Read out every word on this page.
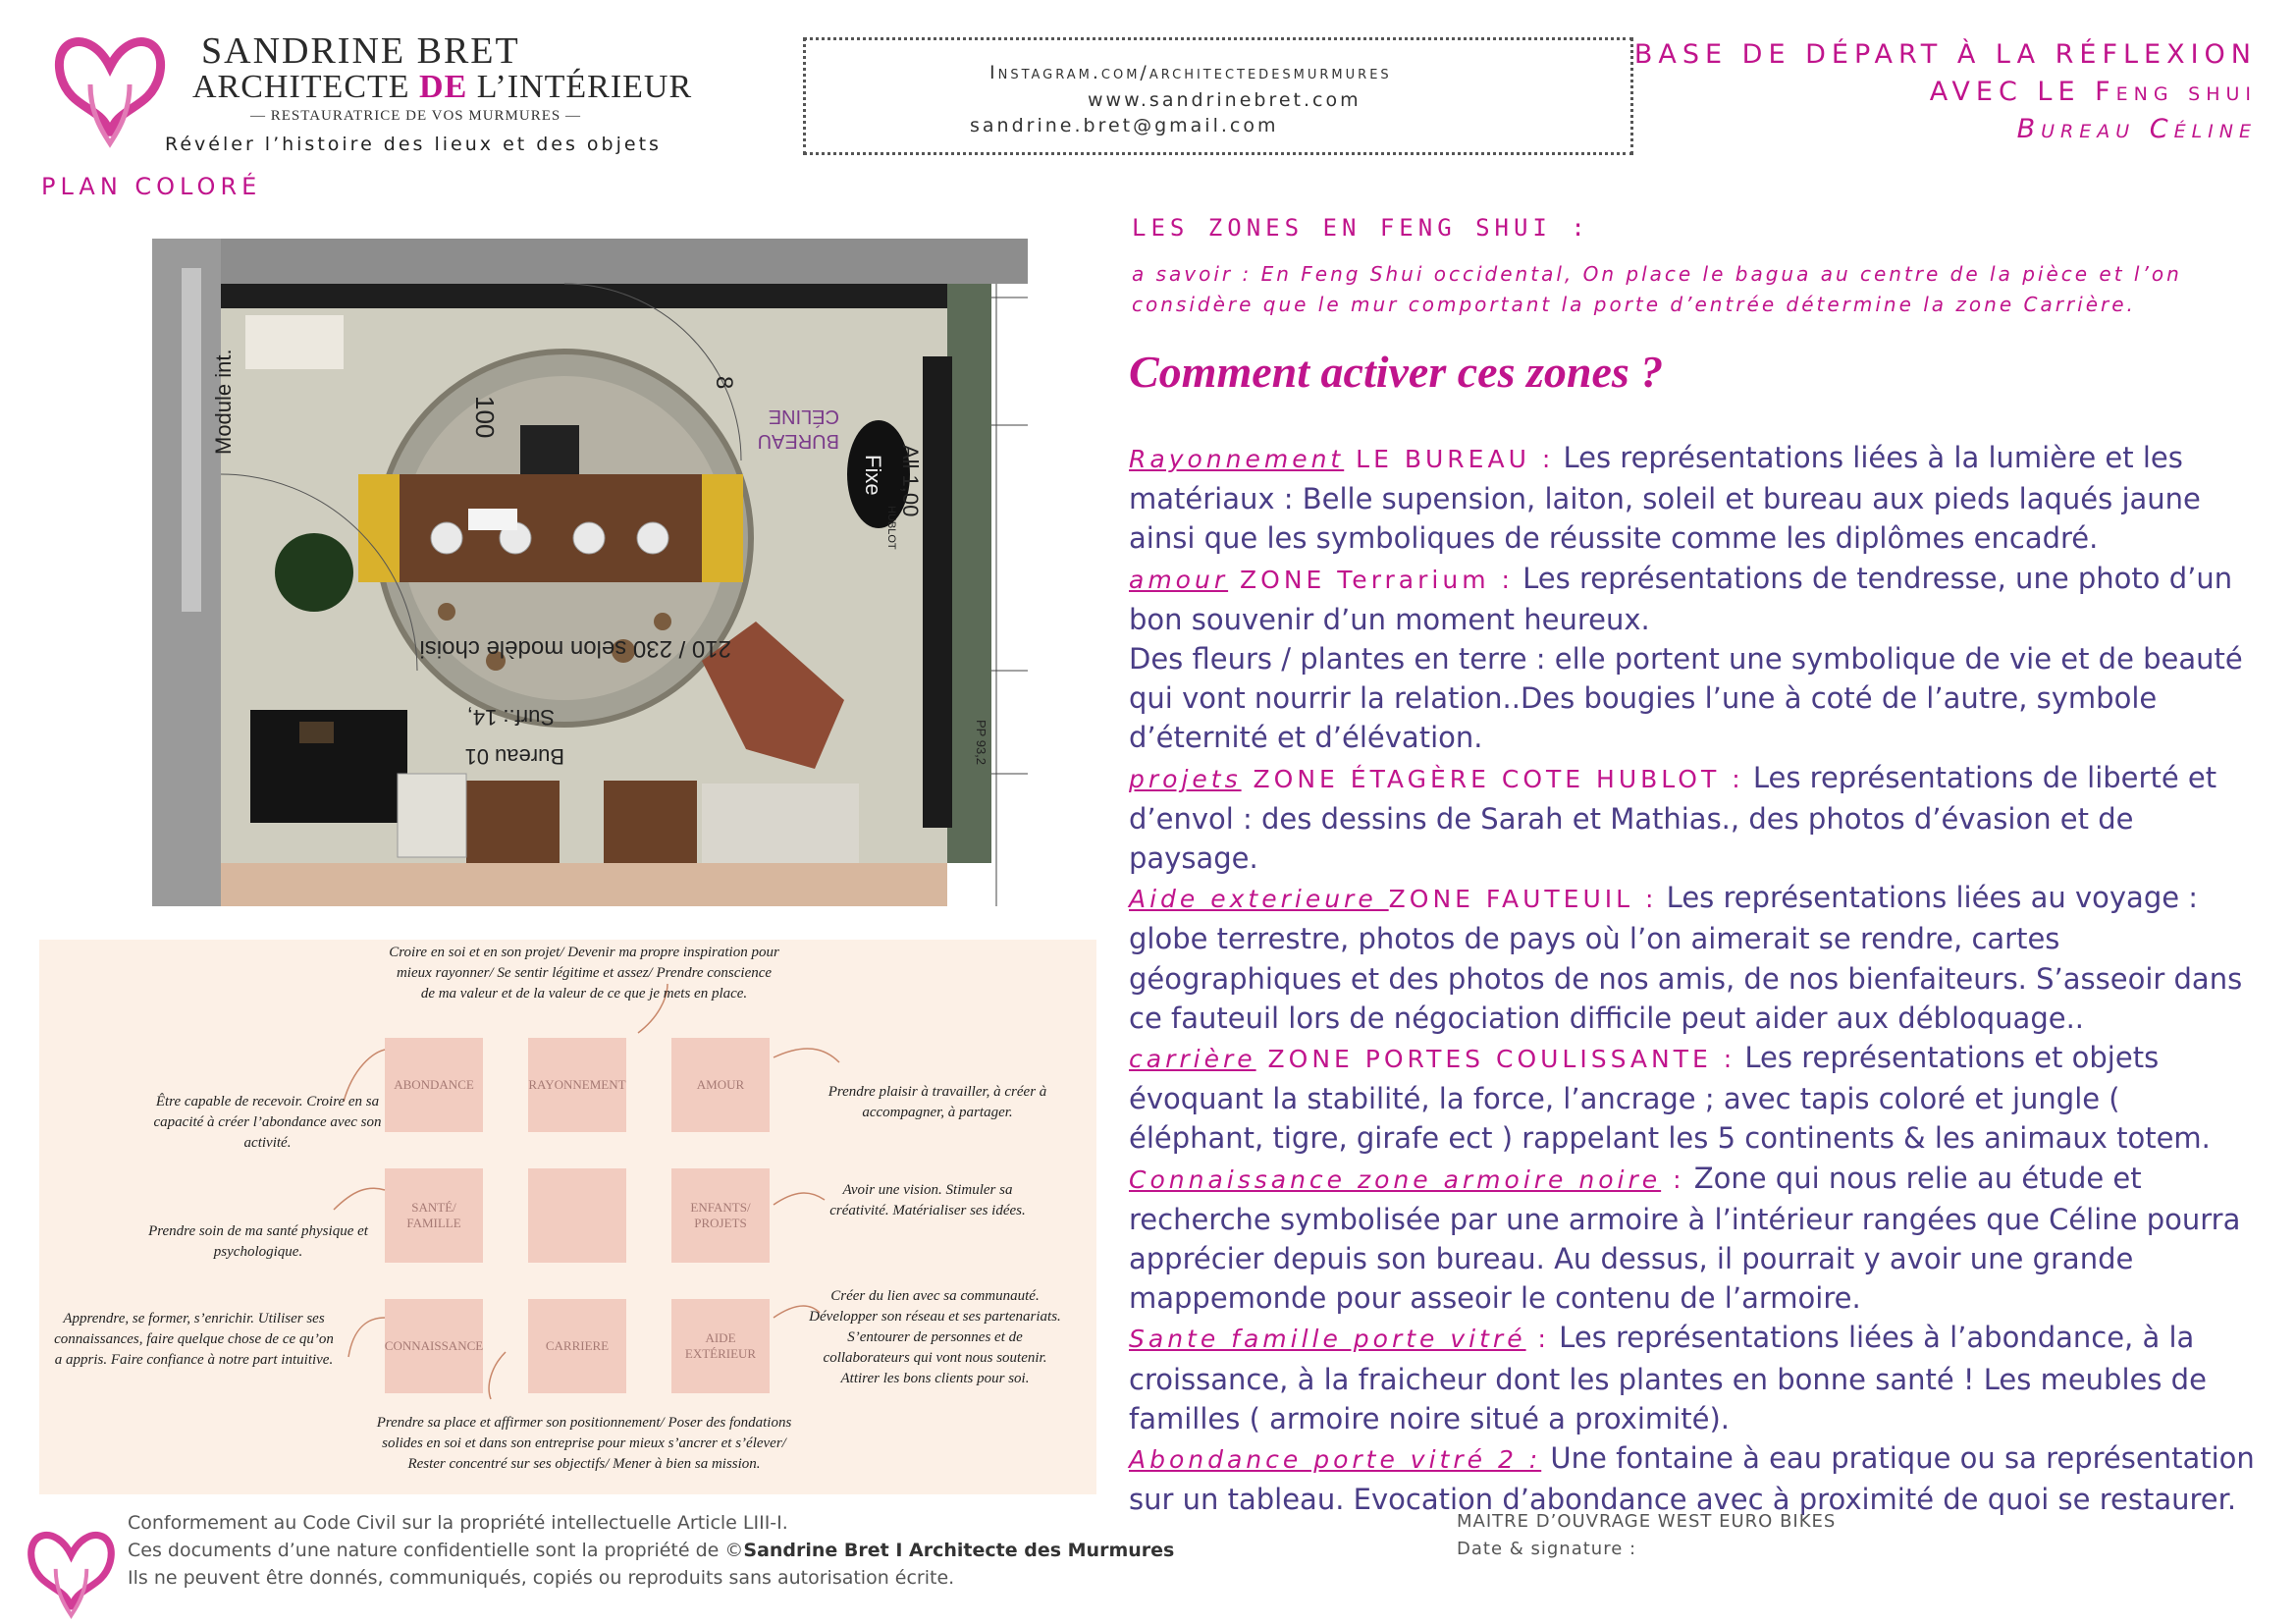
SANDRINE BRET
ARCHITECTE DE L’INTÉRIEUR
— RESTAURATRICE DE VOS MURMURES —
Révéler l’histoire des lieux et des objets
PLAN COLORÉ
Instagram.com/architectedesmurmures
www.sandrinebret.com
sandrine.bret@gmail.com
BASE DE DÉPART À LA RÉFLEXION
AVEC LE Feng shui
Bureau Céline
100
8
BUREAU
CÉLINE
Fixe All 1,00
HUBLOT
210 / 230 selon modèle choisi
Bureau 01
Surf.: 14,
Module int.
PP 93,2
ABONDANCE	RAYONNEMENT	AMOUR
SANTÉ/ FAMILLE
ENFANTS/ PROJETS
CONNAISSANCE	CARRIERE
AIDE EXTÉRIEUR
Croire en soi et en son projet/ Devenir ma propre inspiration pour mieux rayonner/ Se sentir légitime et assez/ Prendre conscience de ma valeur et de la valeur de ce que je mets en place.
Être capable de recevoir. Croire en sa capacité à créer l’abondance avec son activité.
Prendre plaisir à travailler, à créer à accompagner, à partager.
Prendre soin de ma santé physique et psychologique.
Avoir une vision. Stimuler sa créativité. Matérialiser ses idées.
Apprendre, se former, s’enrichir. Utiliser ses connaissances, faire quelque chose de ce qu’on a appris. Faire confiance à notre part intuitive.
Créer du lien avec sa communauté. Développer son réseau et ses partenariats. S’entourer de personnes et de collaborateurs qui vont nous soutenir. Attirer les bons clients pour soi.
Prendre sa place et affirmer son positionnement/ Poser des fondations solides en soi et dans son entreprise pour mieux s’ancrer et s’élever/ Rester concentré sur ses objectifs/ Mener à bien sa mission.
LES ZONES EN FENG SHUI :
a savoir : En Feng Shui occidental, On place le bagua au centre de la pièce et l’on considère que le mur comportant la porte d’entrée détermine la zone Carrière.
Comment activer ces zones ?

Rayonnement LE BUREAU : Les représentations liées à la lumière et les matériaux : Belle supension, laiton, soleil et bureau aux pieds laqués jaune ainsi que les symboliques de réussite comme les diplômes encadré.

amour ZONE Terrarium : Les représentations de tendresse, une photo d’un bon souvenir d’un moment heureux.

Des fleurs / plantes en terre : elle portent une symbolique de vie et de beauté qui vont nourrir la relation..Des bougies l’une à coté de l’autre, symbole d’éternité et d’élévation.

projets ZONE ÉTAGÈRE COTE HUBLOT : Les représentations de liberté et d’envol : des dessins de Sarah et Mathias., des photos d’évasion et de paysage.

Aide exterieure ZONE FAUTEUIL : Les représentations liées au voyage : globe terrestre, photos de pays où l’on aimerait se rendre, cartes géographiques et des photos de nos amis, de nos bienfaiteurs. S’asseoir dans ce fauteuil lors de négociation difficile peut aider aux débloquage..

carrière ZONE PORTES COULISSANTE : Les représentations et objets évoquant la stabilité, la force, l’ancrage ; avec tapis coloré et jungle ( éléphant, tigre, girafe ect ) rappelant les 5 continents & les animaux totem.

Connaissance zone armoire noire : Zone qui nous relie au étude et recherche symbolisée par une armoire à l’intérieur rangées que Céline pourra apprécier depuis son bureau. Au dessus, il pourrait y avoir une grande mappemonde pour asseoir le contenu de l’armoire.

Sante famille porte vitré : Les représentations liées à l’abondance, à la croissance, à la fraicheur dont les plantes en bonne santé ! Les meubles de familles ( armoire noire situé a proximité).

Abondance porte vitré 2 : Une fontaine à eau pratique ou sa représentation sur un tableau. Evocation d’abondance avec à proximité de quoi se restaurer.

Conformement au Code Civil sur la propriété intellectuelle Article LIII-I.
Ces documents d’une nature confidentielle sont la propriété de ©Sandrine Bret I Architecte des Murmures
Ils ne peuvent être donnés, communiqués, copiés ou reproduits sans autorisation écrite.
MAITRE D’OUVRAGE WEST EURO BIKES
Date & signature :
